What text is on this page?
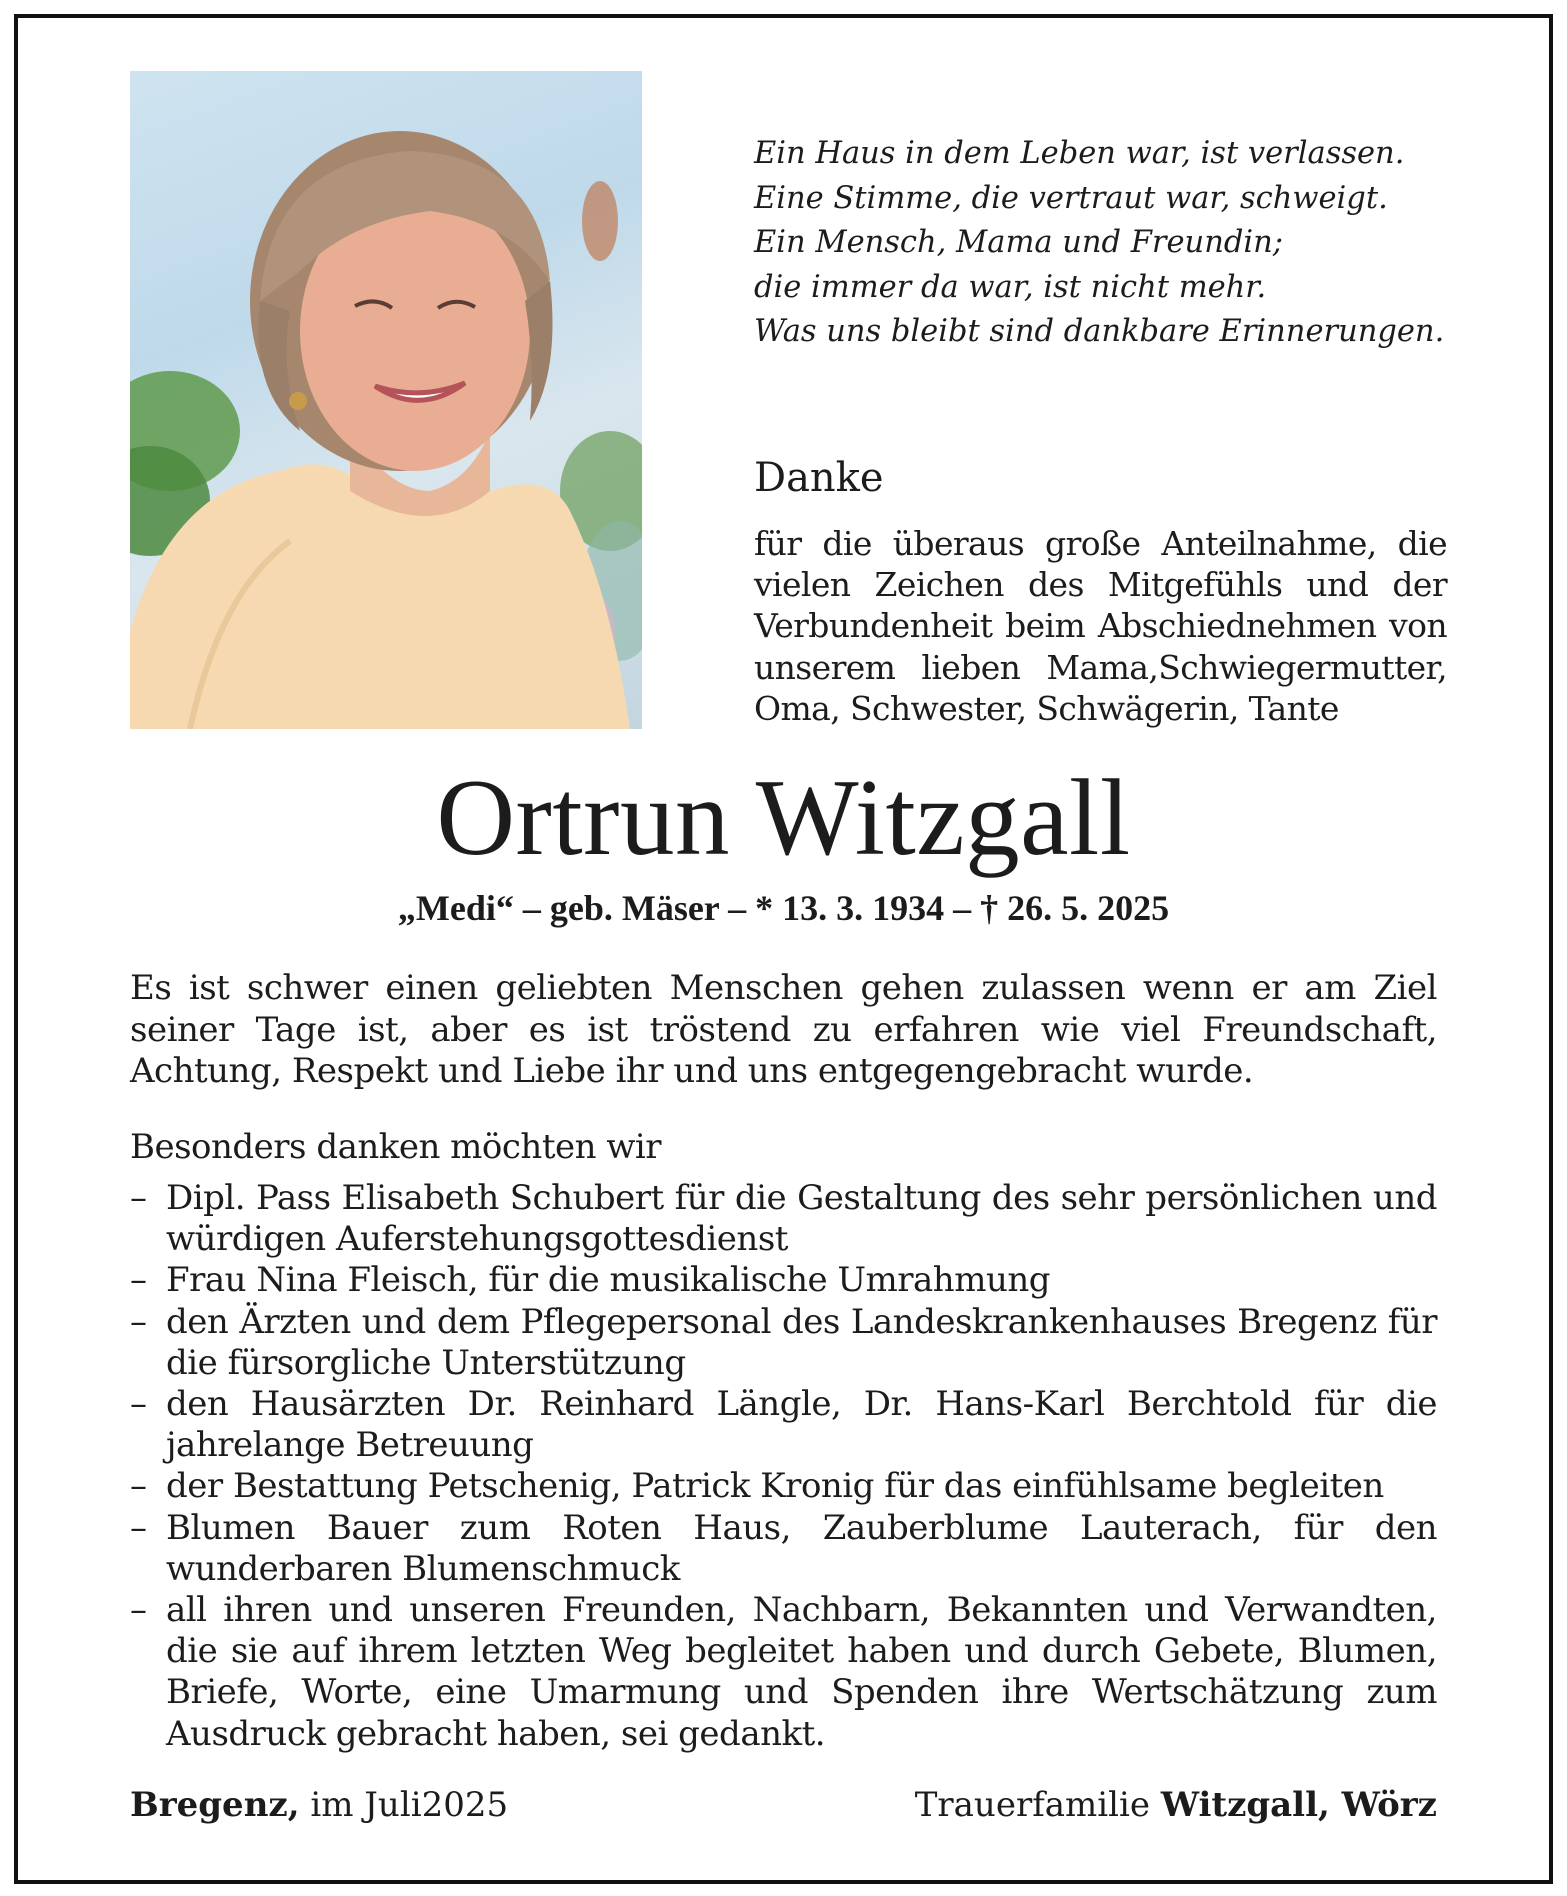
Ein Haus in dem Leben war, ist verlassen.
Eine Stimme, die vertraut war, schweigt.
Ein Mensch, Mama und Freundin;
die immer da war, ist nicht mehr.
Was uns bleibt sind dankbare Erinnerungen.
Danke
für die überaus große Anteilnahme, die vielen Zeichen des Mitgefühls und der Verbundenheit beim Abschiednehmen von unserem lieben Mama,Schwiegermutter, Oma, Schwester, Schwägerin, Tante
Ortrun Witzgall
„Medi“ – geb. Mäser – * 13. 3. 1934 – † 26. 5. 2025
Es ist schwer einen geliebten Menschen gehen zulassen wenn er am Ziel seiner Tage ist, aber es ist tröstend zu erfahren wie viel Freundschaft, Achtung, Respekt und Liebe ihr und uns entgegengebracht wurde.
Besonders danken möchten wir
– Dipl. Pass Elisabeth Schubert für die Gestaltung des sehr persönlichen und würdigen Auferstehungsgottesdienst
– Frau Nina Fleisch, für die musikalische Umrahmung
– den Ärzten und dem Pflegepersonal des Landeskrankenhauses Bregenz für die fürsorgliche Unterstützung
– den Hausärzten Dr. Reinhard Längle, Dr. Hans-Karl Berchtold für die jahrelange Betreuung
– der Bestattung Petschenig, Patrick Kronig für das einfühlsame begleiten
– Blumen Bauer zum Roten Haus, Zauberblume Lauterach, für den wunderbaren Blumenschmuck
– all ihren und unseren Freunden, Nachbarn, Bekannten und Verwandten, die sie auf ihrem letzten Weg begleitet haben und durch Gebete, Blumen, Briefe, Worte, eine Umarmung und Spenden ihre Wertschätzung zum Ausdruck gebracht haben, sei gedankt.
Bregenz, im Juli2025	Trauerfamilie Witzgall, Wörz
